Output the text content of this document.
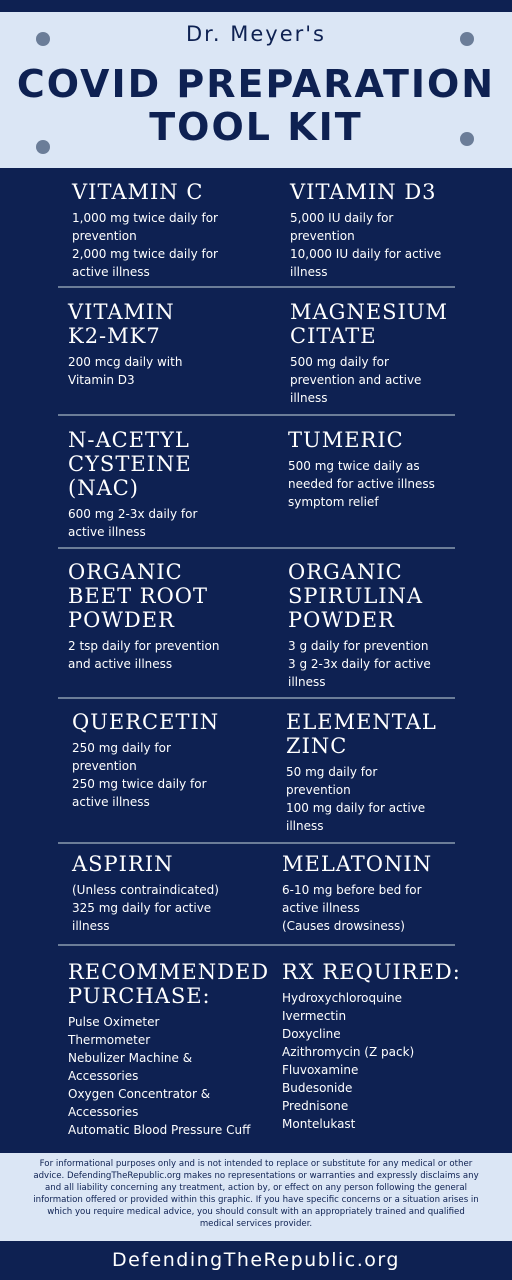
Dr. Meyer's
COVID PREPARATION
TOOL KIT
VITAMIN C

1,000 mg twice daily for

prevention

2,000 mg twice daily for

active illness

VITAMIN D3

5,000 IU daily for

prevention

10,000 IU daily for active

illness

VITAMIN
K2-MK7

200 mcg daily with

Vitamin D3

MAGNESIUM
CITATE

500 mg daily for

prevention and active

illness

N-ACETYL
CYSTEINE
(NAC)

600 mg 2-3x daily for

active illness

TUMERIC

500 mg twice daily as

needed for active illness

symptom relief

ORGANIC
BEET ROOT
POWDER

2 tsp daily for prevention

and active illness

ORGANIC
SPIRULINA
POWDER

3 g daily for prevention

3 g 2-3x daily for active

illness

QUERCETIN

250 mg daily for

prevention

250 mg twice daily for

active illness

ELEMENTAL
ZINC

50 mg daily for

prevention

100 mg daily for active

illness

ASPIRIN

(Unless contraindicated)

325 mg daily for active

illness

MELATONIN

6-10 mg before bed for

active illness

(Causes drowsiness)

RECOMMENDED
PURCHASE:

Pulse Oximeter

Thermometer

Nebulizer Machine &

Accessories

Oxygen Concentrator &

Accessories

Automatic Blood Pressure Cuff

RX REQUIRED:

Hydroxychloroquine

Ivermectin

Doxycline

Azithromycin (Z pack)

Fluvoxamine

Budesonide

Prednisone

Montelukast

For informational purposes only and is not intended to replace or substitute for any medical or other advice. DefendingTheRepublic.org makes no representations or warranties and expressly disclaims any and all liability concerning any treatment, action by, or effect on any person following the general information offered or provided within this graphic. If you have specific concerns or a situation arises in which you require medical advice, you should consult with an appropriately trained and qualified medical services provider.
DefendingTheRepublic.org
